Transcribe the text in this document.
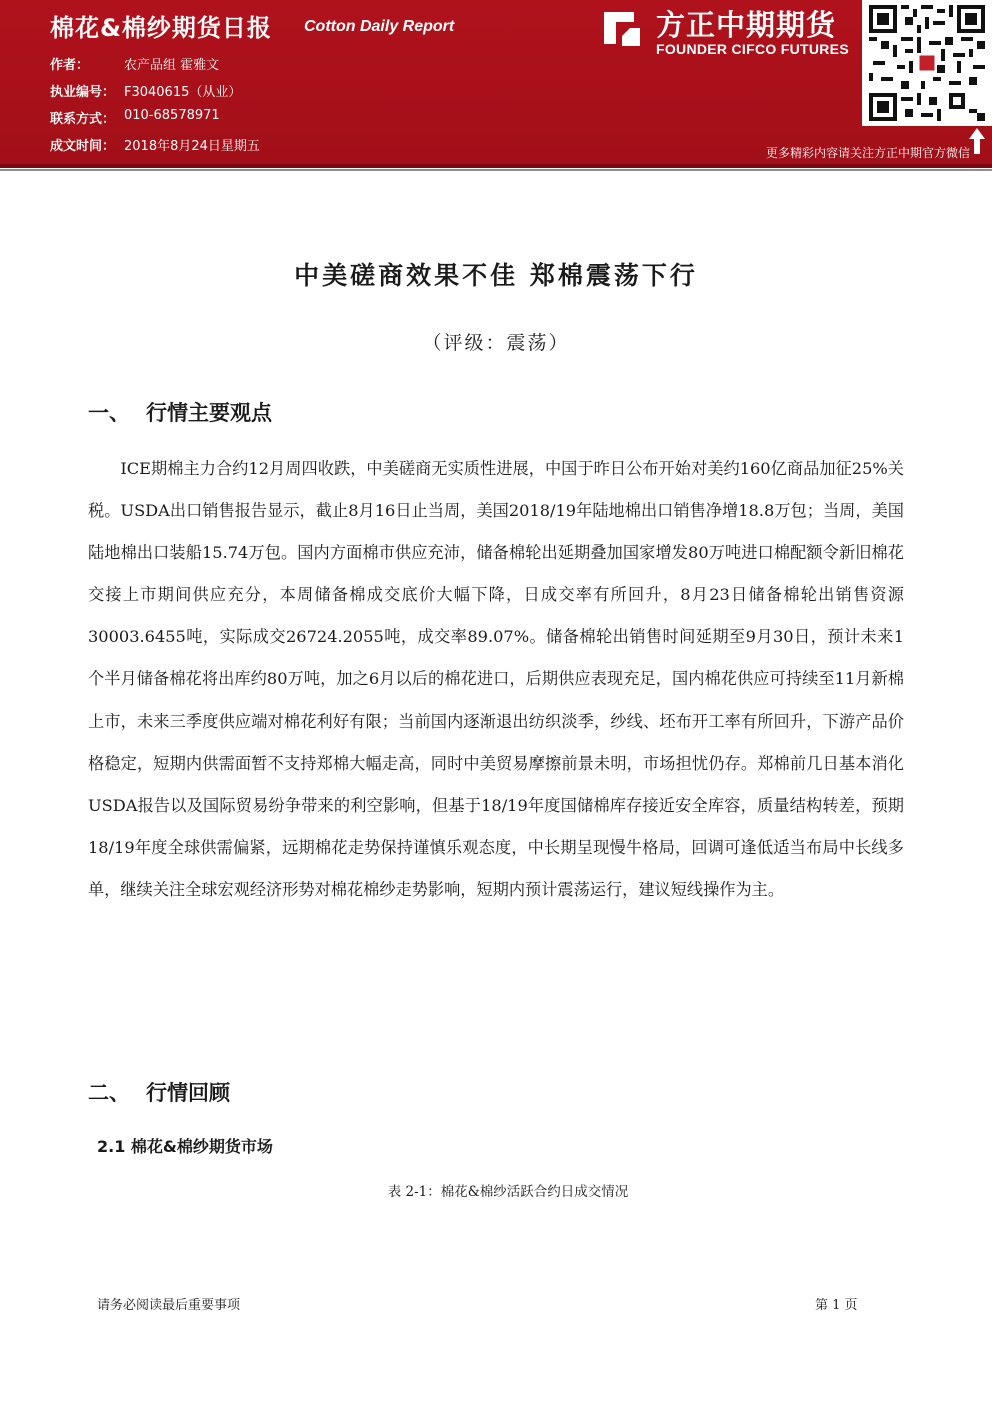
棉花&棉纱期货日报 Cotton Daily Report
作者：	农产品组 霍雅文
执业编号： F3040615（从业）
联系方式： 010-68578971
成文时间： 2018年8月24日星期五
方正中期期货
FOUNDER CIFCO FUTURES
更多精彩内容请关注方正中期官方微信
中美磋商效果不佳 郑棉震荡下行
（评级：震荡）
一、 行情主要观点
ICE期棉主力合约12月周四收跌，中美磋商无实质性进展，中国于昨日公布开始对美约160亿商品加征25%关税。USDA出口销售报告显示，截止8月16日止当周，美国2018/19年陆地棉出口销售净增18.8万包；当周，美国陆地棉出口装船15.74万包。国内方面棉市供应充沛，储备棉轮出延期叠加国家增发80万吨进口棉配额令新旧棉花交接上市期间供应充分，本周储备棉成交底价大幅下降，日成交率有所回升，8月23日储备棉轮出销售资源30003.6455吨，实际成交26724.2055吨，成交率89.07%。储备棉轮出销售时间延期至9月30日，预计未来1个半月储备棉花将出库约80万吨，加之6月以后的棉花进口，后期供应表现充足，国内棉花供应可持续至11月新棉上市，未来三季度供应端对棉花利好有限；当前国内逐渐退出纺织淡季，纱线、坯布开工率有所回升，下游产品价格稳定，短期内供需面暂不支持郑棉大幅走高，同时中美贸易摩擦前景未明，市场担忧仍存。郑棉前几日基本消化USDA报告以及国际贸易纷争带来的利空影响，但基于18/19年度国储棉库存接近安全库容，质量结构转差，预期18/19年度全球供需偏紧，远期棉花走势保持谨慎乐观态度，中长期呈现慢牛格局，回调可逢低适当布局中长线多单，继续关注全球宏观经济形势对棉花棉纱走势影响，短期内预计震荡运行，建议短线操作为主。
二、 行情回顾
2.1 棉花&棉纱期货市场
表 2-1：棉花&棉纱活跃合约日成交情况
请务必阅读最后重要事项	第 1 页
